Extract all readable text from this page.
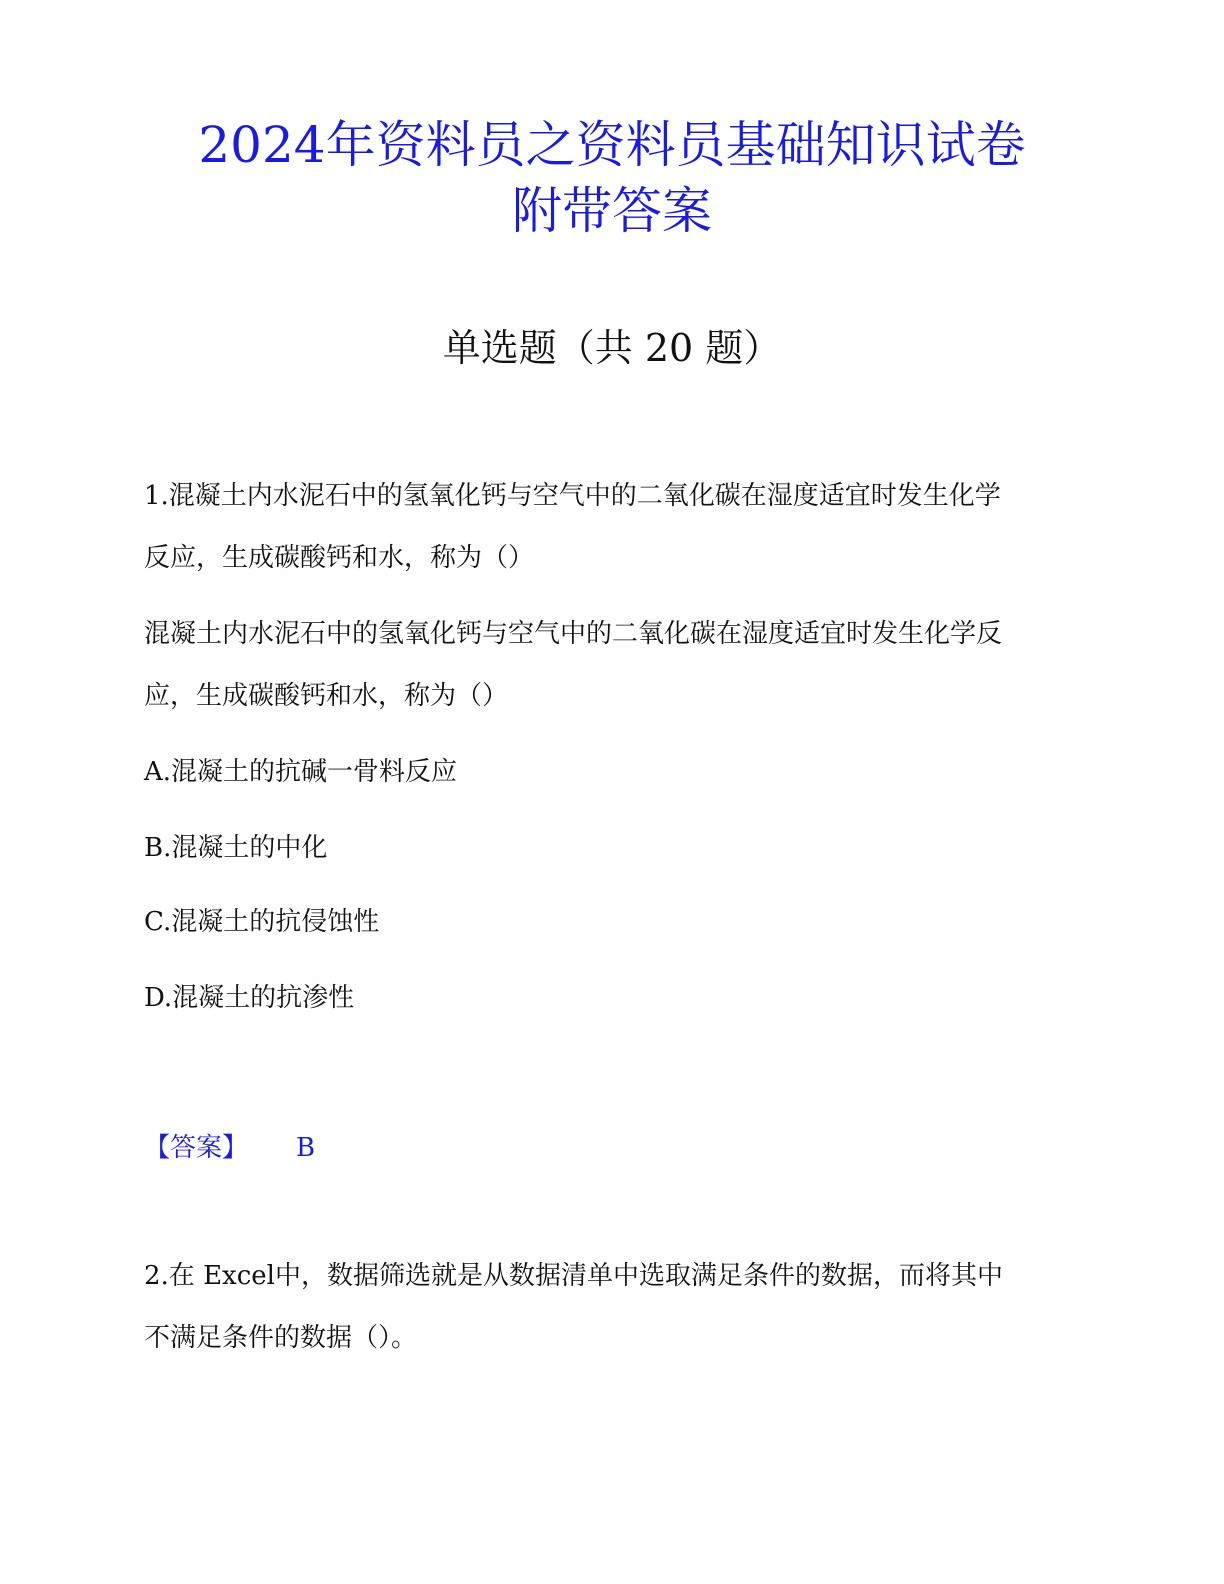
2024年资料员之资料员基础知识试卷
附带答案
单选题（共 20 题）
1.混凝土内水泥石中的氢氧化钙与空气中的二氧化碳在湿度适宜时发生化学
反应，生成碳酸钙和水，称为（）
混凝土内水泥石中的氢氧化钙与空气中的二氧化碳在湿度适宜时发生化学反
应，生成碳酸钙和水，称为（）
A.混凝土的抗碱一骨料反应
B.混凝土的中化
C.混凝土的抗侵蚀性
D.混凝土的抗渗性
【答案】 B
2.在 Excel中，数据筛选就是从数据清单中选取满足条件的数据，而将其中
不满足条件的数据（）。
